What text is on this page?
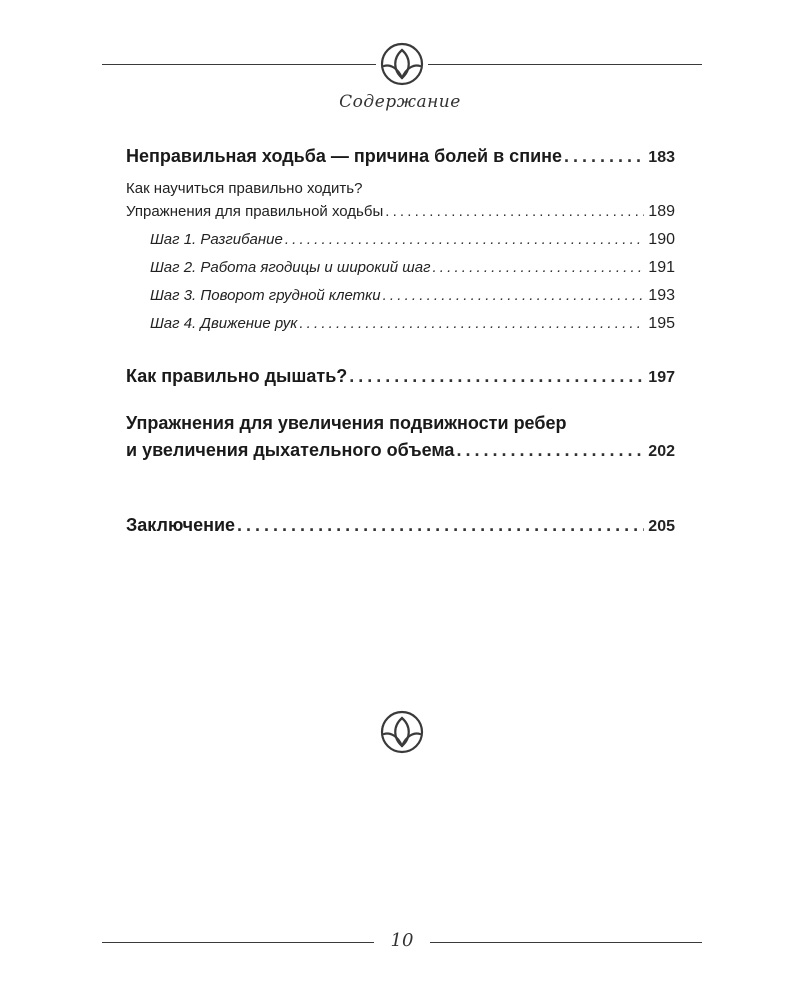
Содержание
Неправильная ходьба — причина болей в спине . . .	183
Как научиться правильно ходить?
Упражнения для правильной ходьбы . . .	189
Шаг 1. Разгибание . . .	190
Шаг 2. Работа ягодицы и широкий шаг . . .	191
Шаг 3. Поворот грудной клетки . . .	193
Шаг 4. Движение рук . . .	195
Как правильно дышать? . . .	197
Упражнения для увеличения подвижности ребер
и увеличения дыхательного объема . . .	202
Заключение . . .	205
10
